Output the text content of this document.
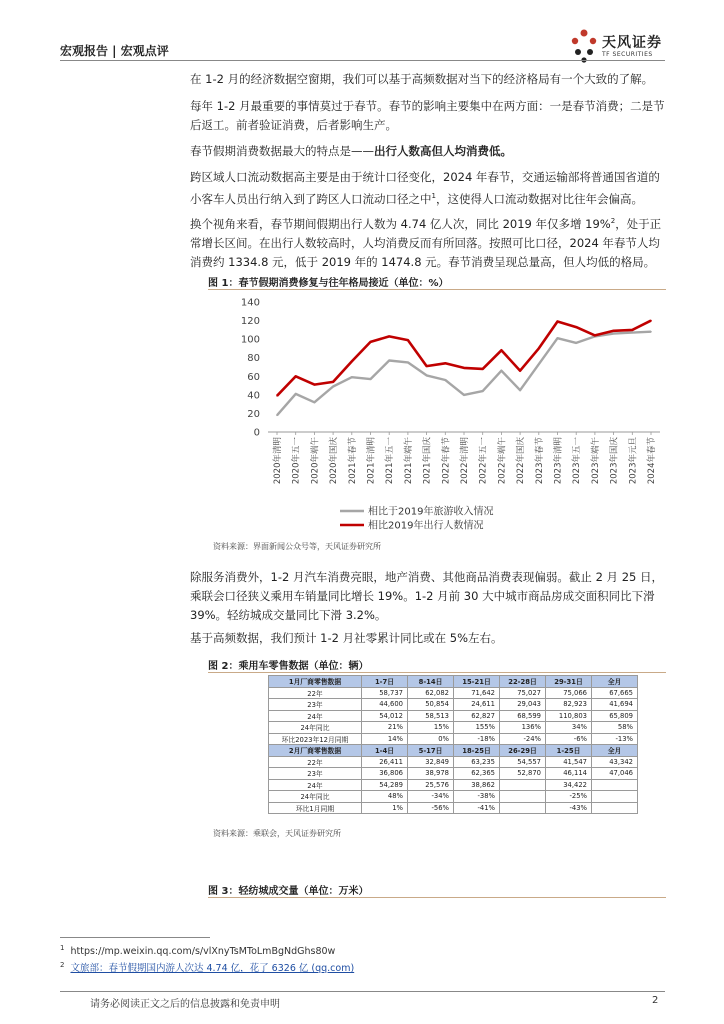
宏观报告 | 宏观点评	天风证券
TF SECURITIES
在 1-2 月的经济数据空窗期，我们可以基于高频数据对当下的经济格局有一个大致的了解。
每年 1-2 月最重要的事情莫过于春节。春节的影响主要集中在两方面：一是春节消费；二是节后返工。前者验证消费，后者影响生产。
春节假期消费数据最大的特点是——出行人数高但人均消费低。
跨区域人口流动数据高主要是由于统计口径变化，2024 年春节，交通运输部将普通国省道的小客车人员出行纳入到了跨区人口流动口径之中$^1$，这使得人口流动数据对比往年会偏高。
换个视角来看，春节期间假期出行人数为 4.74 亿人次，同比 2019 年仅多增 19%$^2$，处于正常增长区间。在出行人数较高时，人均消费反而有所回落。按照可比口径，2024 年春节人均消费约 1334.8 元，低于 2019 年的 1474.8 元。春节消费呈现总量高，但人均低的格局。
图 1：春节假期消费修复与往年格局接近（单位：%）
0
20
40
60
80
100
120
140
2020年清明 2020年五一 2020年端午 2020年国庆 2021年春节 2021年清明 2021年五一 2021年端午 2021年国庆 2022年春节 2022年清明 2022年五一 2022年端午 2022年国庆 2023年春节 2023年清明 2023年五一 2023年端午 2023年国庆 2023年元旦 2024年春节
相比于2019年旅游收入情况
相比2019年出行人数情况
资料来源：界面新闻公众号等，天风证券研究所
除服务消费外，1-2 月汽车消费亮眼，地产消费、其他商品消费表现偏弱。截止 2 月 25 日，乘联会口径狭义乘用车销量同比增长 19%。1-2 月前 30 大中城市商品房成交面积同比下滑 39%。轻纺城成交量同比下滑 3.2%。
基于高频数据，我们预计 1-2 月社零累计同比或在 5%左右。
图 2：乘用车零售数据（单位：辆）
1月厂商零售数据	1-7日	8-14日	15-21日	22-28日	29-31日	全月
22年	58,737	62,082	71,642	75,027	75,066	67,665
23年	44,600	50,854	24,611	29,043	82,923	41,694
24年	54,012	58,513	62,827	68,599	110,803	65,809
24年同比	21%	15%	155%	136%	34%	58%
环比2023年12月同期	14%	0%	-18%	-24%	-6%	-13%
2月厂商零售数据	1-4日	5-17日	18-25日	26-29日	1-25日	全月
22年	26,411	32,849	63,235	54,557	41,547	43,342
23年	36,806	38,978	62,365	52,870	46,114	47,046
24年	54,289	25,576	38,862		34,422	
24年同比	48%	-34%	-38%		-25%	
环比1月同期	1%	-56%	-41%		-43%	
资料来源：乘联会，天风证券研究所
图 3：轻纺城成交量（单位：万米）
$^1$ https://mp.weixin.qq.com/s/vlXnyTsMToLmBgNdGhs80w
$^2$ 文旅部：春节假期国内游人次达 4.74 亿，花了 6326 亿 (qq.com)
请务必阅读正文之后的信息披露和免责申明	2
